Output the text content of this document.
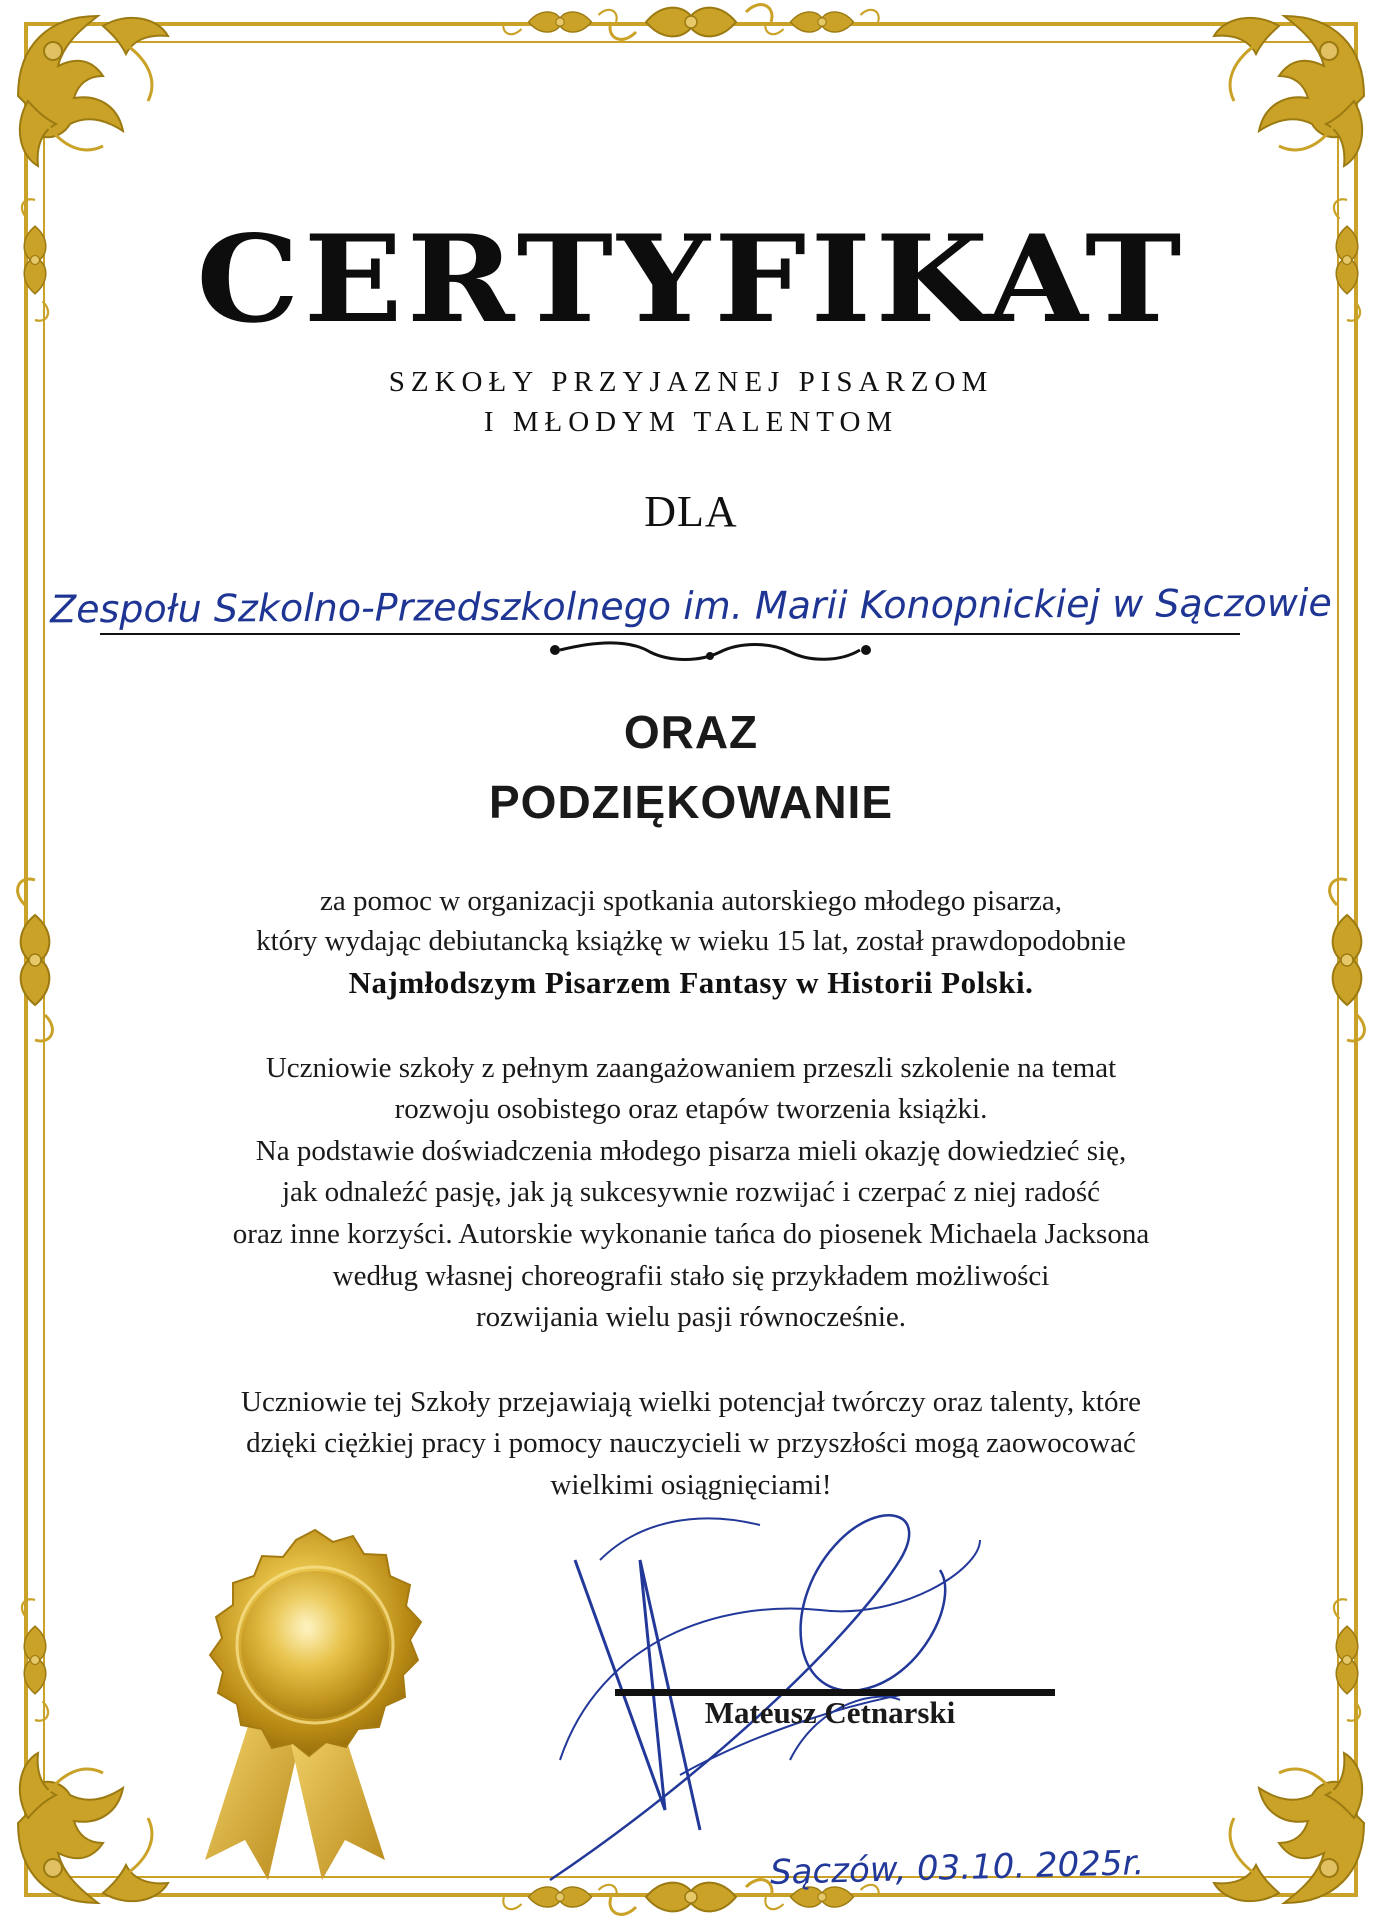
CERTYFIKAT
SZKOŁY PRZYJAZNEJ PISARZOM
I MŁODYM TALENTOM
DLA
Zespołu Szkolno-Przedszkolnego im. Marii Konopnickiej w Sączowie
ORAZ
PODZIĘKOWANIE
za pomoc w organizacji spotkania autorskiego młodego pisarza,
który wydając debiutancką książkę w wieku 15 lat, został prawdopodobnie
Najmłodszym Pisarzem Fantasy w Historii Polski.
Uczniowie szkoły z pełnym zaangażowaniem przeszli szkolenie na temat
rozwoju osobistego oraz etapów tworzenia książki.
Na podstawie doświadczenia młodego pisarza mieli okazję dowiedzieć się,
jak odnaleźć pasję, jak ją sukcesywnie rozwijać i czerpać z niej radość
oraz inne korzyści. Autorskie wykonanie tańca do piosenek Michaela Jacksona
według własnej choreografii stało się przykładem możliwości
rozwijania wielu pasji równocześnie.
Uczniowie tej Szkoły przejawiają wielki potencjał twórczy oraz talenty, które
dzięki ciężkiej pracy i pomocy nauczycieli w przyszłości mogą zaowocować
wielkimi osiągnięciami!
Mateusz Cetnarski
Sączów, 03.10. 2025r.
